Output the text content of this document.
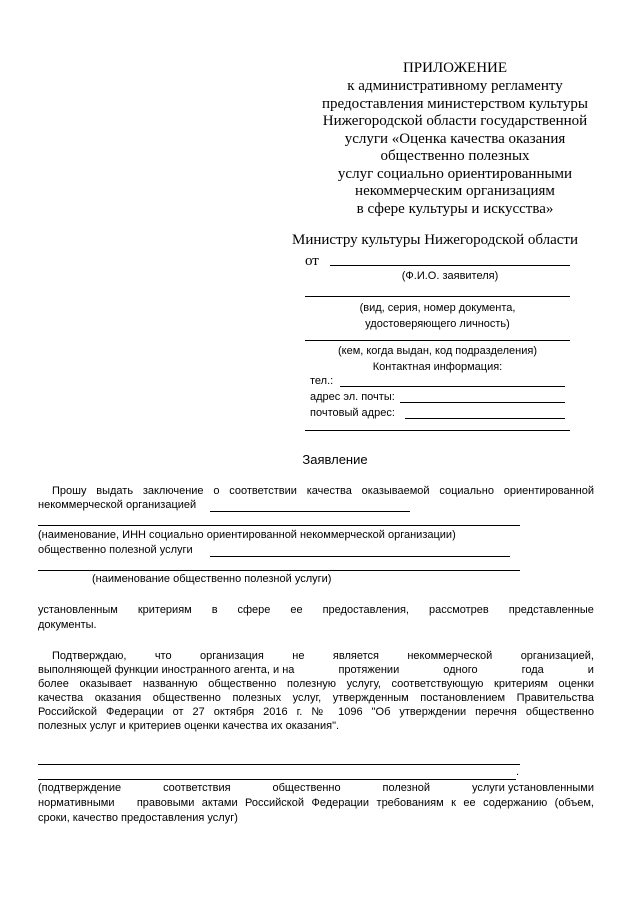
ПРИЛОЖЕНИЕ
к административному регламенту
предоставления министерством культуры
Нижегородской области государственной
услуги «Оценка качества оказания
общественно полезных
услуг социально ориентированными
некоммерческим организациям
в сфере культуры и искусства»
Министру культуры Нижегородской области
от
(Ф.И.О. заявителя)
(вид, серия, номер документа,
удостоверяющего личность)
(кем, когда выдан, код подразделения)
Контактная информация:
тел.:
адрес эл. почты:
почтовый адрес:
Заявление
Прошу выдать заключение о соответствии качества оказываемой социально ориентированной
некоммерческой организацией
(наименование, ИНН социально ориентированной некоммерческой организации)
общественно полезной услуги
(наименование общественно полезной услуги)
установленным критериям в сфере ее предоставления, рассмотрев представленные
документы.
Подтверждаю,	что	организация	не	является	некоммерческой	организацией,
выполняющей функции иностранного агента, и на	протяжении	одного	года	и
более оказывает названную общественно полезную услугу, соответствующую критериям оценки
качества оказания общественно полезных услуг, утвержденным постановлением Правительства
Российской Федерации от 27 октября 2016 г. № 1096 "Об утверждении перечня общественно
полезных услуг и критериев оценки качества их оказания".
.
(подтверждение	соответствия	общественно	полезной	услуги установленными
нормативными   правовыми актами Российской Федерации требованиям к ее содержанию (объем,
сроки, качество предоставления услуг)
